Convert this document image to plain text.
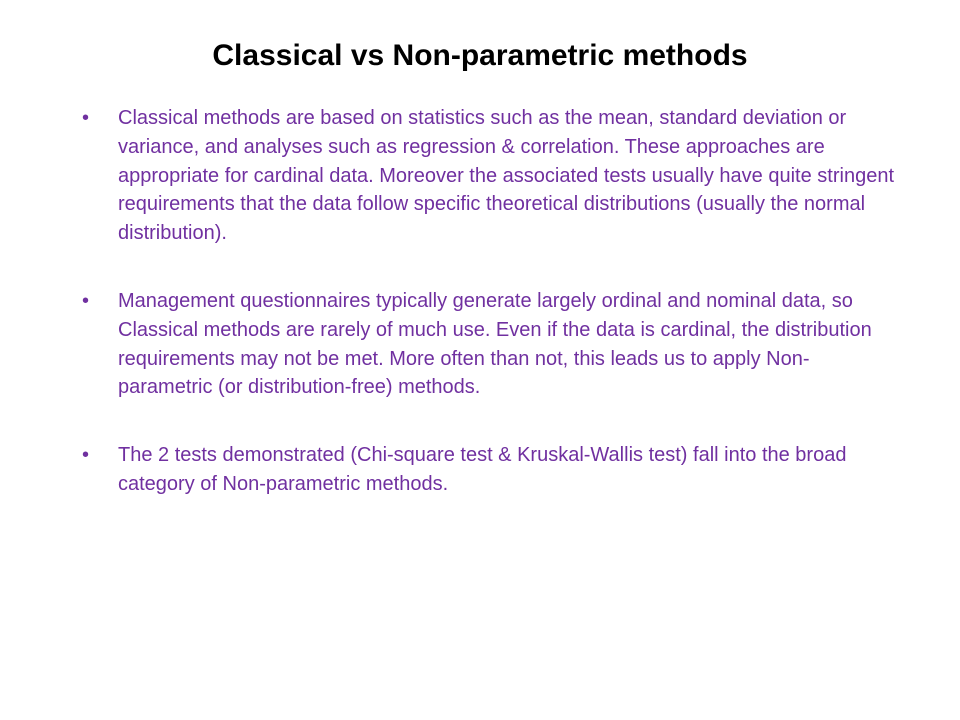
Classical vs Non-parametric methods
•	Classical methods are based on statistics such as the mean, standard deviation or variance, and analyses such as regression & correlation. These approaches are appropriate for cardinal data. Moreover the associated tests usually have quite stringent requirements that the data follow specific theoretical distributions (usually the normal distribution).
•	Management questionnaires typically generate largely ordinal and nominal data, so Classical methods are rarely of much use. Even if the data is cardinal, the distribution requirements may not be met. More often than not, this leads us to apply Non-parametric (or distribution-free) methods.
•	The 2 tests demonstrated (Chi-square test & Kruskal-Wallis test) fall into the broad category of Non-parametric methods.
